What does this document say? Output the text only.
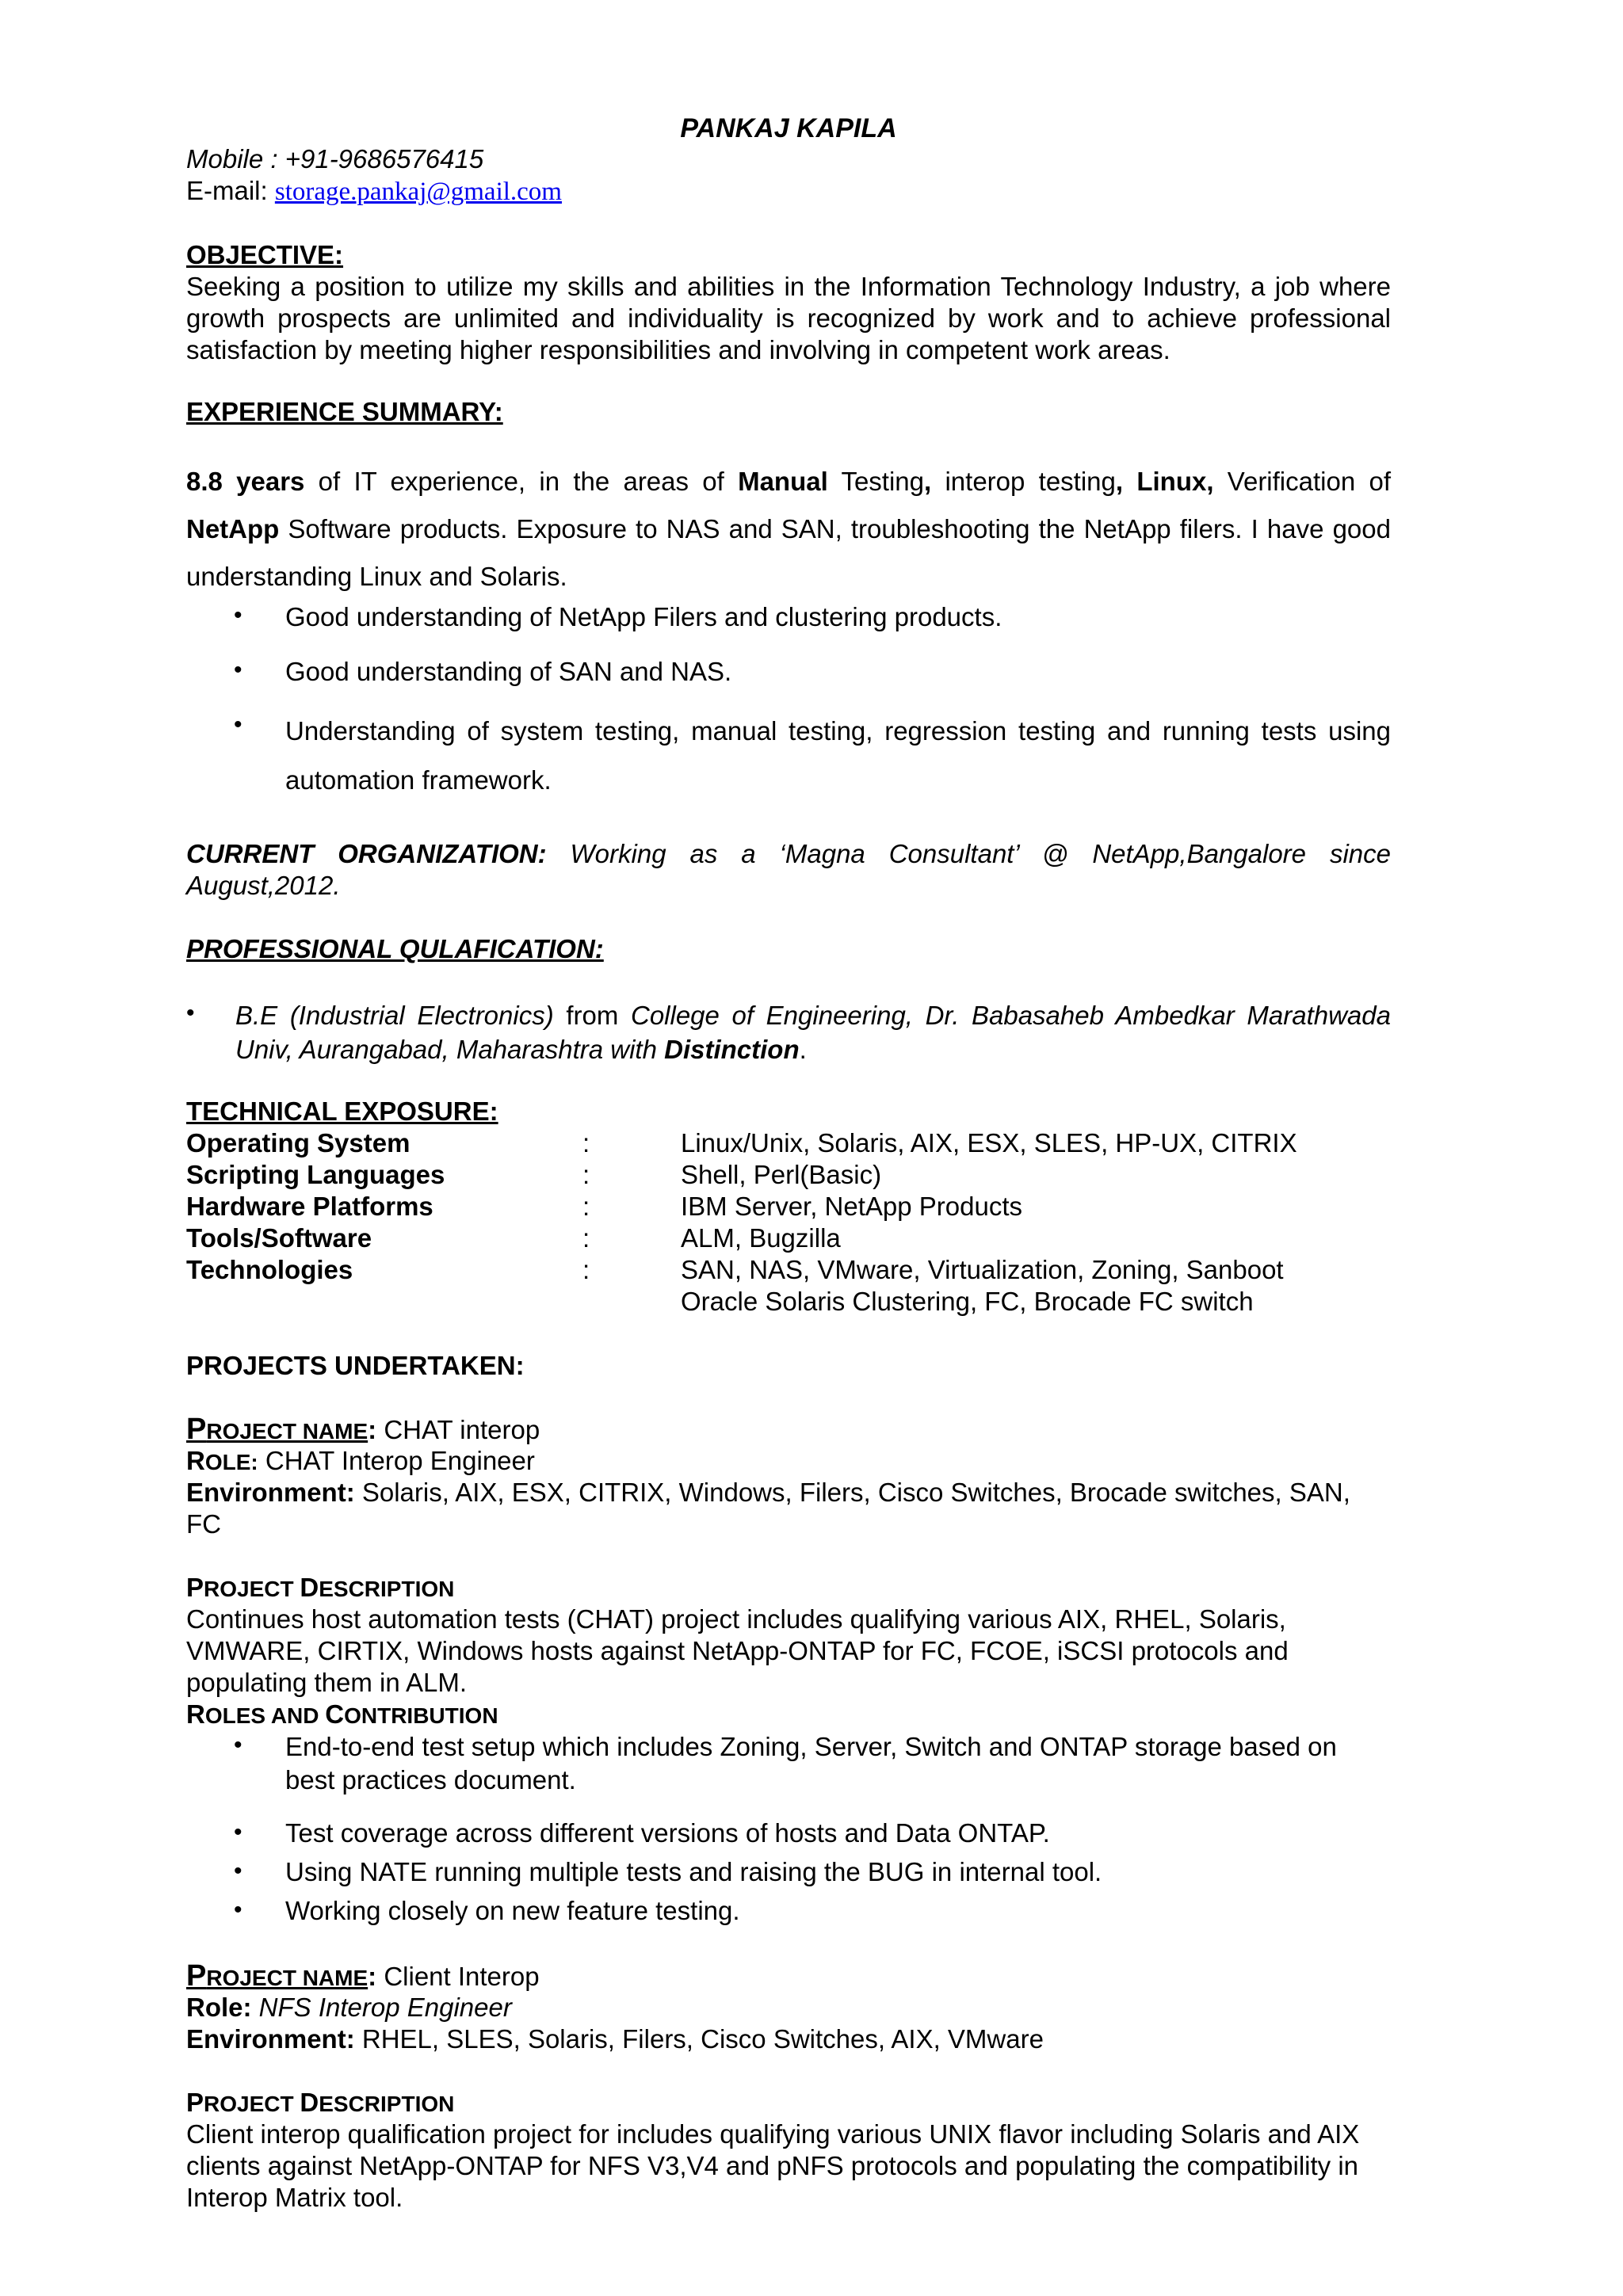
PANKAJ KAPILA
Mobile : +91-9686576415
E-mail: storage.pankaj@gmail.com
OBJECTIVE:
Seeking a position to utilize my skills and abilities in the Information Technology Industry, a job where growth prospects are unlimited and individuality is recognized by work and to achieve professional satisfaction by meeting higher responsibilities and involving in competent work areas.
EXPERIENCE SUMMARY:
8.8 years of IT experience, in the areas of Manual Testing, interop testing, Linux, Verification of NetApp Software products. Exposure to NAS and SAN, troubleshooting the NetApp filers. I have good understanding Linux and Solaris.
• Good understanding of NetApp Filers and clustering products.
• Good understanding of SAN and NAS.
• Understanding of system testing, manual testing, regression testing and running tests using automation framework.
CURRENT ORGANIZATION: Working as a ‘Magna Consultant’ @ NetApp,Bangalore since August,2012.
PROFESSIONAL QULAFICATION:
• B.E (Industrial Electronics) from College of Engineering, Dr. Babasaheb Ambedkar Marathwada Univ, Aurangabad, Maharashtra with Distinction.
TECHNICAL EXPOSURE:
Operating System	:	Linux/Unix, Solaris, AIX, ESX, SLES, HP-UX, CITRIX
Scripting Languages	:	Shell, Perl(Basic)
Hardware Platforms	:	IBM Server, NetApp Products
Tools/Software	:	ALM, Bugzilla
Technologies	:	SAN, NAS, VMware, Virtualization, Zoning, Sanboot
Oracle Solaris Clustering, FC, Brocade FC switch
PROJECTS UNDERTAKEN:
PROJECT NAME: CHAT interop
ROLE: CHAT Interop Engineer
Environment: Solaris, AIX, ESX, CITRIX, Windows, Filers, Cisco Switches, Brocade switches, SAN, FC
PROJECT DESCRIPTION
Continues host automation tests (CHAT) project includes qualifying various AIX, RHEL, Solaris, VMWARE, CIRTIX, Windows hosts against NetApp-ONTAP for FC, FCOE, iSCSI protocols and populating them in ALM.
ROLES AND CONTRIBUTION
• End-to-end test setup which includes Zoning, Server, Switch and ONTAP storage based on best practices document.
• Test coverage across different versions of hosts and Data ONTAP.
• Using NATE running multiple tests and raising the BUG in internal tool.
• Working closely on new feature testing.
PROJECT NAME: Client Interop
Role: NFS Interop Engineer
Environment: RHEL, SLES, Solaris, Filers, Cisco Switches, AIX, VMware
PROJECT DESCRIPTION
Client interop qualification project for includes qualifying various UNIX flavor including Solaris and AIX clients against NetApp-ONTAP for NFS V3,V4 and pNFS protocols and populating the compatibility in Interop Matrix tool.
